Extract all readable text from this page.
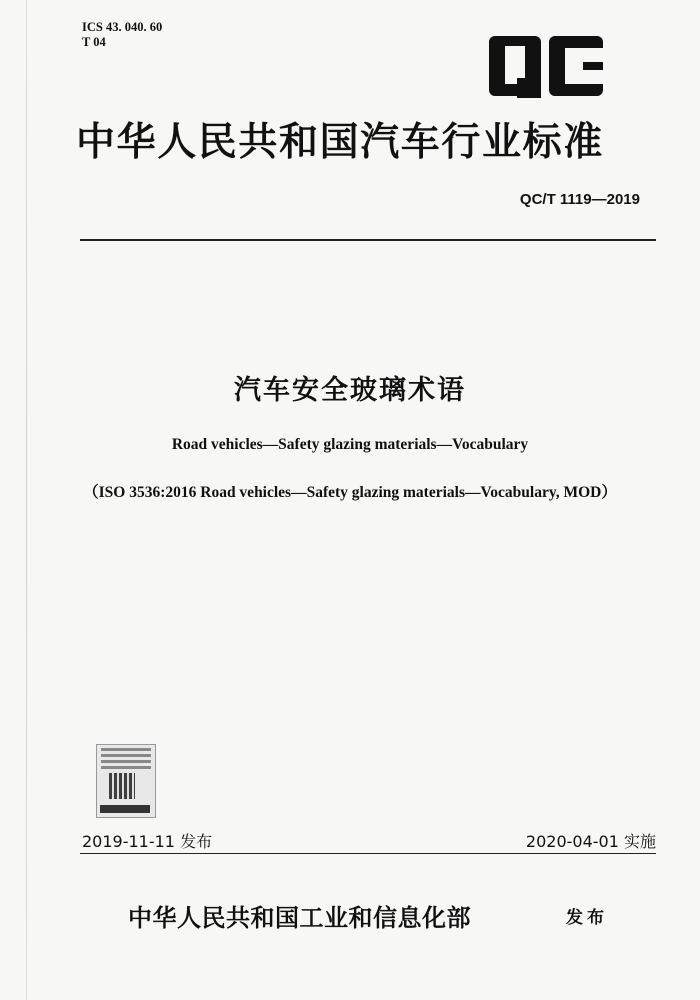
ICS 43. 040. 60
T 04
中华人民共和国汽车行业标准
QC/T 1119—2019
汽车安全玻璃术语
Road vehicles—Safety glazing materials—Vocabulary
（ISO 3536:2016 Road vehicles—Safety glazing materials—Vocabulary, MOD）
2019-11-11 发布	2020-04-01 实施
中华人民共和国工业和信息化部	发布
